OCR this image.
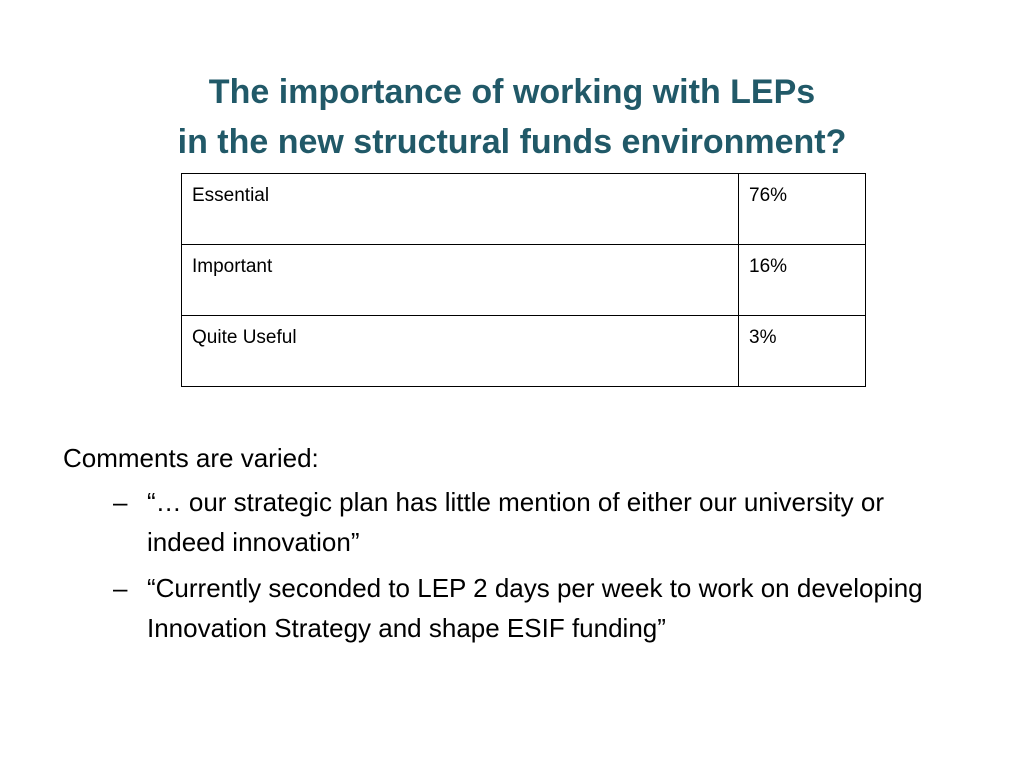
The importance of working with LEPs
in the new structural funds environment?
Essential	76%
Important	16%
Quite Useful	3%

Comments are varied:

– “… our strategic plan has little mention of either our university or indeed innovation”
– “Currently seconded to LEP 2 days per week to work on developing Innovation Strategy and shape ESIF funding”
